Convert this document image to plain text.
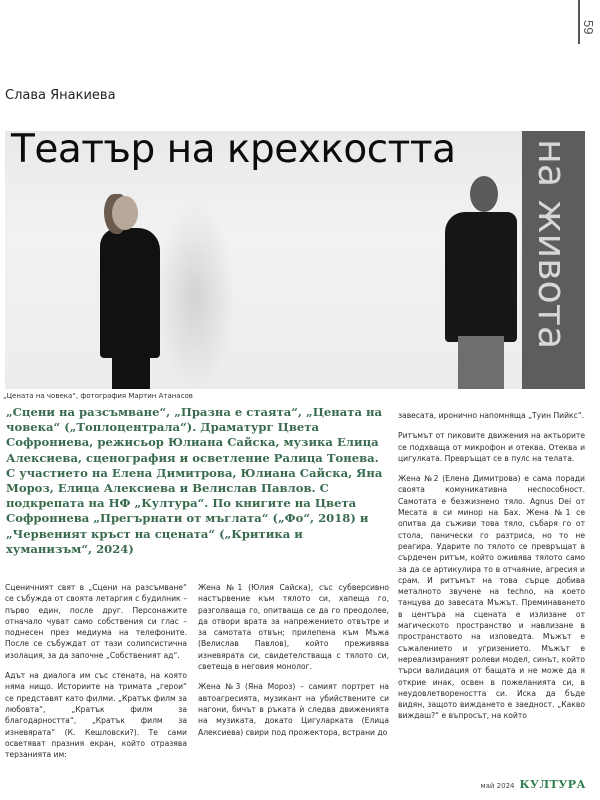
59
Слава Янакиева
Театър на крехкостта на живота
„Цената на човека“, фотография Мартин Атанасов
„Сцени на разсъмване“, „Празна е стаята“, „Цената на човека“ („Топлоцентрала“). Драматург Цвета Софрониева, режисьор Юлиана Сайска, музика Елица Алексиева, сценография и осветление Ралица Тонева. С участието на Елена Димитрова, Юлиана Сайска, Яна Мороз, Елица Алексиева и Велислав Павлов. С подкрепата на НФ „Култура“. По книгите на Цвета Софрониева „Прегърнати от мъглата“ („Фо“, 2018) и „Червеният кръст на сцената“ („Критика и хуманизъм“, 2024)

Сценичният свят в „Сцени на разсъмване“ се събужда от своята летаргия с будилник – първо един, после друг. Персонажите отначало чуват само собствения си глас – поднесен през медиума на телефоните. После се събуждат от тази солипсистична изолация, за да започне „Собственият ад“.

Адът на диалога им със стената, на която няма нищо. Историите на тримата „герои“ се представят като филми. „Кратък филм за любовта“, „Кратък филм за благодарността“, „Кратък филм за изневярата“ (К. Кешловски?). Те сами осветяват празния екран, който отразява терзанията им:

Жена №1 (Юлия Сайска), със субверсивно настървение към тялото си, хапеща го, разголваща го, опитваща се да го преодолее, да отвори врата за напрежението отвътре и за самотата отвън; прилепена към Мъжа (Велислав Павлов), който преживява изневярата си, свидетелстваща с тялото си, светеща в неговия монолог.

Жена №3 (Яна Мороз) – самият портрет на автоагресията, музикант на убийствените си нагони, бичът в ръката ѝ следва движенията на музиката, докато Цигуларката (Елица Алексиева) свири под прожектора, встрани до

завесата, иронично напомняща „Туин Пийкс“.

Ритъмът от пиковите движения на актьорите се подхваща от микрофон и отеква. Отеква и цигулката. Превръщат се в пулс на телата.

Жена №2 (Елена Димитрова) е сама поради своята комуникативна неспособност. Самотата е безжизнено тяло. Agnus Dei от Месата в си минор на Бах. Жена №1 се опитва да съживи това тяло, събаря го от стола, панически го разтриса, но то не реагира. Ударите по тялото се превръщат в сърдечен ритъм, който оживява тялото само за да се артикулира то в отчаяние, агресия и срам. И ритъмът на това сърце добива металното звучене на techno, на което танцува до завесата Мъжът. Преминаването в центъра на сцената е излизане от магическото пространство и навлизане в пространството на изповедта. Мъжът е съжалението и угризението. Мъжът е нереализираният ролеви модел, синът, който търси валидация от бащата и не може да я открие инак, освен в пожеланията си, в неудовлетвореността си. Иска да бъде видян, защото виждането е заедност. „Какво виждаш?“ е въпросът, на който

май 2024 КУЛТУРА
